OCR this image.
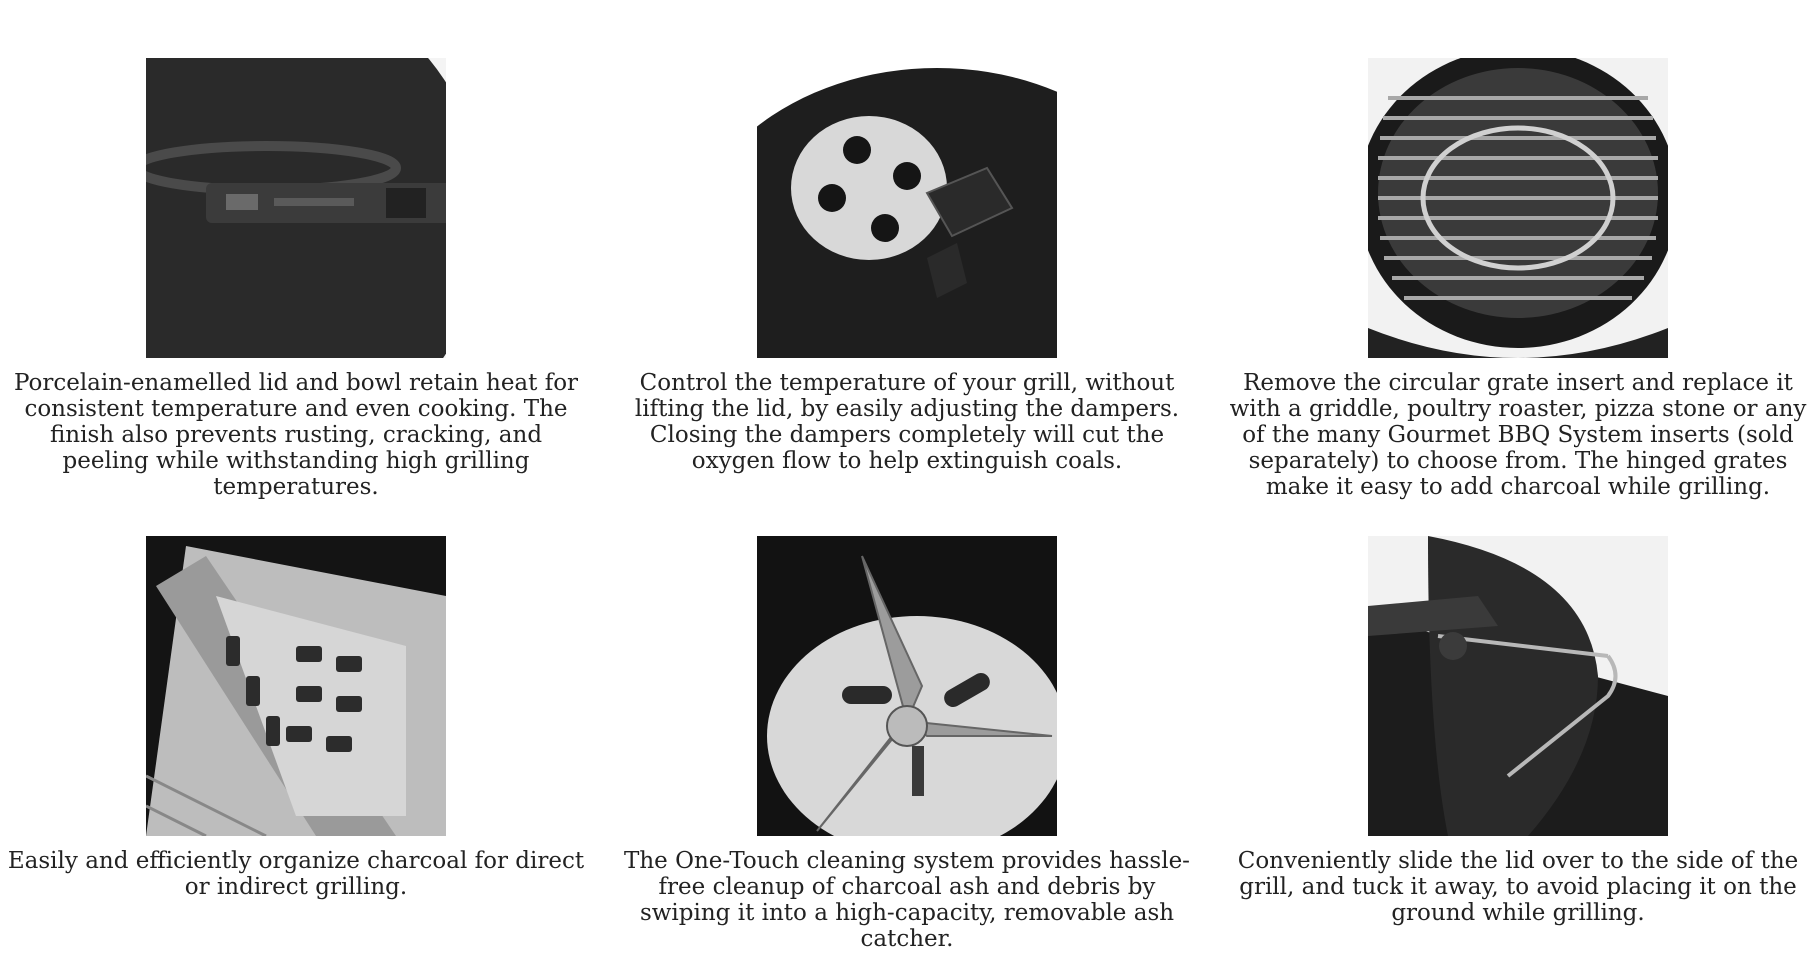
Porcelain-enamelled lid and bowl retain heat for consistent temperature and even cooking. The finish also prevents rusting, cracking, and peeling while withstanding high grilling temperatures.
Control the temperature of your grill, without lifting the lid, by easily adjusting the dampers. Closing the dampers completely will cut the oxygen flow to help extinguish coals.
Remove the circular grate insert and replace it with a griddle, poultry roaster, pizza stone or any of the many Gourmet BBQ System inserts (sold separately) to choose from. The hinged grates make it easy to add charcoal while grilling.
Easily and efficiently organize charcoal for direct or indirect grilling.
The One-Touch cleaning system provides hassle-free cleanup of charcoal ash and debris by swiping it into a high-capacity, removable ash catcher.
Conveniently slide the lid over to the side of the grill, and tuck it away, to avoid placing it on the ground while grilling.
